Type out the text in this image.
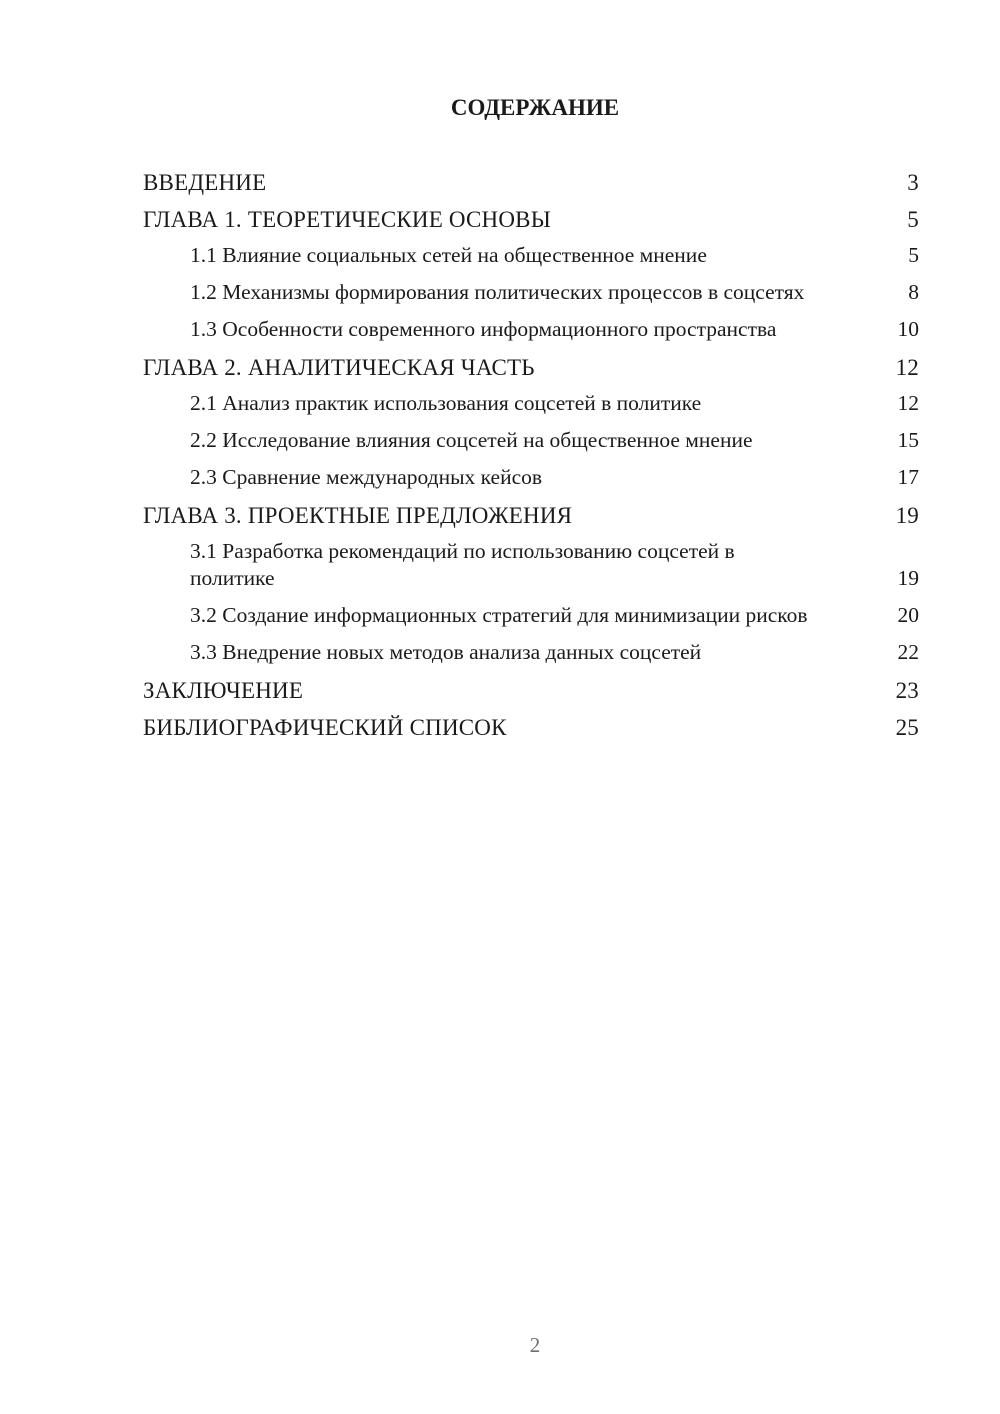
СОДЕРЖАНИЕ
ВВЕДЕНИЕ	3
ГЛАВА 1. ТЕОРЕТИЧЕСКИЕ ОСНОВЫ	5
1.1 Влияние социальных сетей на общественное мнение	5
1.2 Механизмы формирования политических процессов в соцсетях	8
1.3 Особенности современного информационного пространства	10
ГЛАВА 2. АНАЛИТИЧЕСКАЯ ЧАСТЬ	12
2.1 Анализ практик использования соцсетей в политике	12
2.2 Исследование влияния соцсетей на общественное мнение	15
2.3 Сравнение международных кейсов	17
ГЛАВА 3. ПРОЕКТНЫЕ ПРЕДЛОЖЕНИЯ	19
3.1 Разработка рекомендаций по использованию соцсетей в политике	19
3.2 Создание информационных стратегий для минимизации рисков	20
3.3 Внедрение новых методов анализа данных соцсетей	22
ЗАКЛЮЧЕНИЕ	23
БИБЛИОГРАФИЧЕСКИЙ СПИСОК	25
2
